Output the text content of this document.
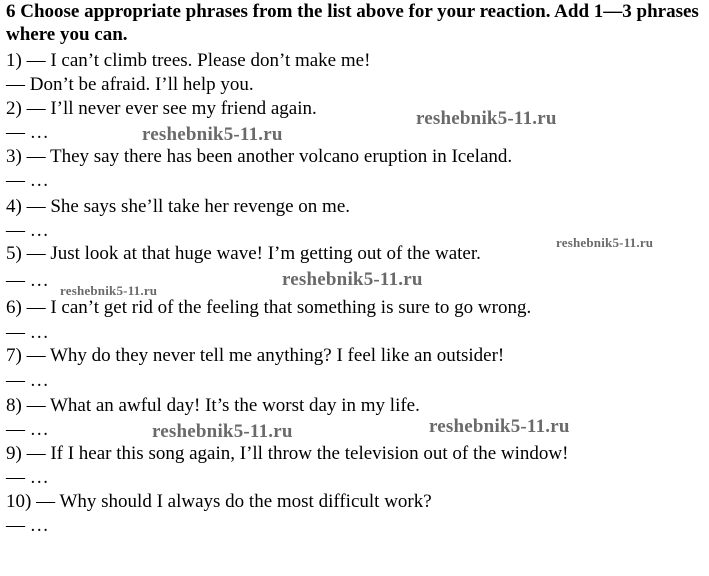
6 Choose appropriate phrases from the list above for your reaction. Add 1—3 phrases where you can.

1) — I can’t climb trees. Please don’t make me!

— Don’t be afraid. I’ll help you.

2) — I’ll never ever see my friend again.

— …

3) — They say there has been another volcano eruption in Iceland.

— …

4) — She says she’ll take her revenge on me.

— …

5) — Just look at that huge wave! I’m getting out of the water.

— …

6) — I can’t get rid of the feeling that something is sure to go wrong.

— …

7) — Why do they never tell me anything? I feel like an outsider!

— …

8) — What an awful day! It’s the worst day in my life.

— …

9) — If I hear this song again, I’ll throw the television out of the window!

— …

10) — Why should I always do the most difficult work?

— …

reshebnik5-11.ru
reshebnik5-11.ru
reshebnik5-11.ru
reshebnik5-11.ru
reshebnik5-11.ru
reshebnik5-11.ru
reshebnik5-11.ru
